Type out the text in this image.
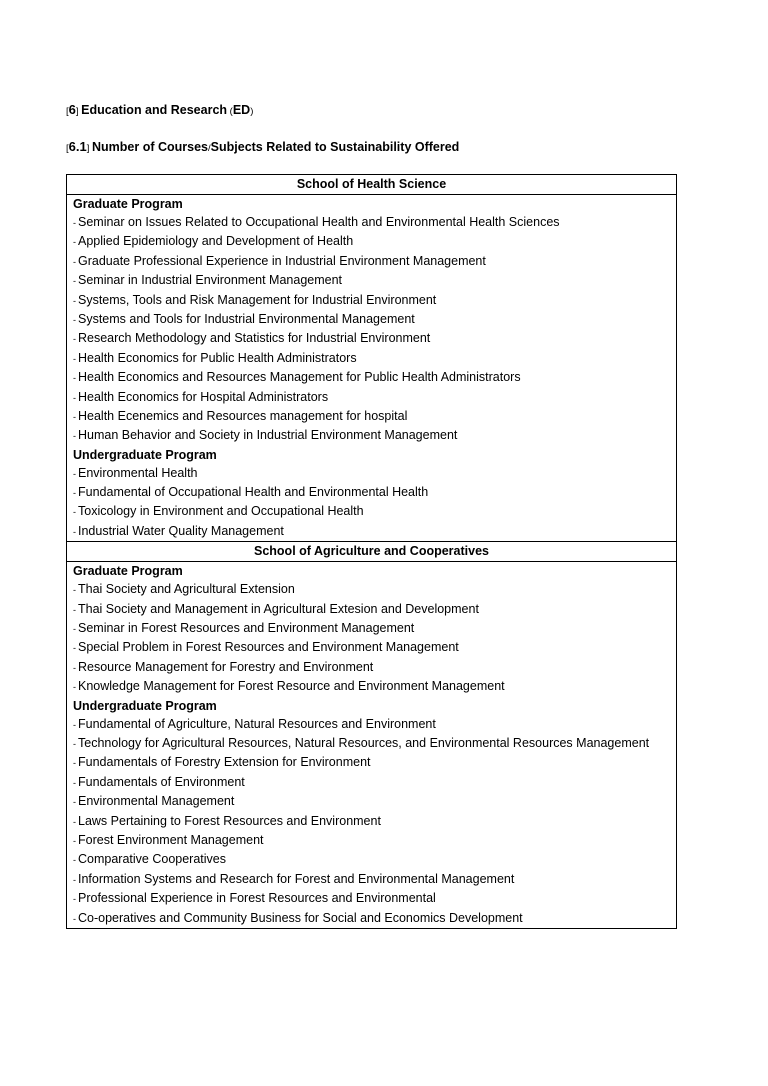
[6] Education and Research (ED)
[6.1] Number of Courses/Subjects Related to Sustainability Offered
School of Health Science
Graduate Program
- Seminar on Issues Related to Occupational Health and Environmental Health Sciences
- Applied Epidemiology and Development of Health
- Graduate Professional Experience in Industrial Environment Management
- Seminar in Industrial Environment Management
- Systems, Tools and Risk Management for Industrial Environment
- Systems and Tools for Industrial Environmental Management
- Research Methodology and Statistics for Industrial Environment
- Health Economics for Public Health Administrators
- Health Economics and Resources Management for Public Health Administrators
- Health Economics for Hospital Administrators
- Health Ecenemics and Resources management for hospital
- Human Behavior and Society in Industrial Environment Management
Undergraduate Program
- Environmental Health
- Fundamental of Occupational Health and Environmental Health
- Toxicology in Environment and Occupational Health
- Industrial Water Quality Management
School of Agriculture and Cooperatives
Graduate Program
- Thai Society and Agricultural Extension
- Thai Society and Management in Agricultural Extesion and Development
- Seminar in Forest Resources and Environment Management
- Special Problem in Forest Resources and Environment Management
- Resource Management for Forestry and Environment
- Knowledge Management for Forest Resource and Environment Management
Undergraduate Program
- Fundamental of Agriculture, Natural Resources and Environment
- Technology for Agricultural Resources, Natural Resources, and Environmental Resources Management
- Fundamentals of Forestry Extension for Environment
- Fundamentals of Environment
- Environmental Management
- Laws Pertaining to Forest Resources and Environment
- Forest Environment Management
- Comparative Cooperatives
- Information Systems and Research for Forest and Environmental Management
- Professional Experience in Forest Resources and Environmental
- Co-operatives and Community Business for Social and Economics Development
